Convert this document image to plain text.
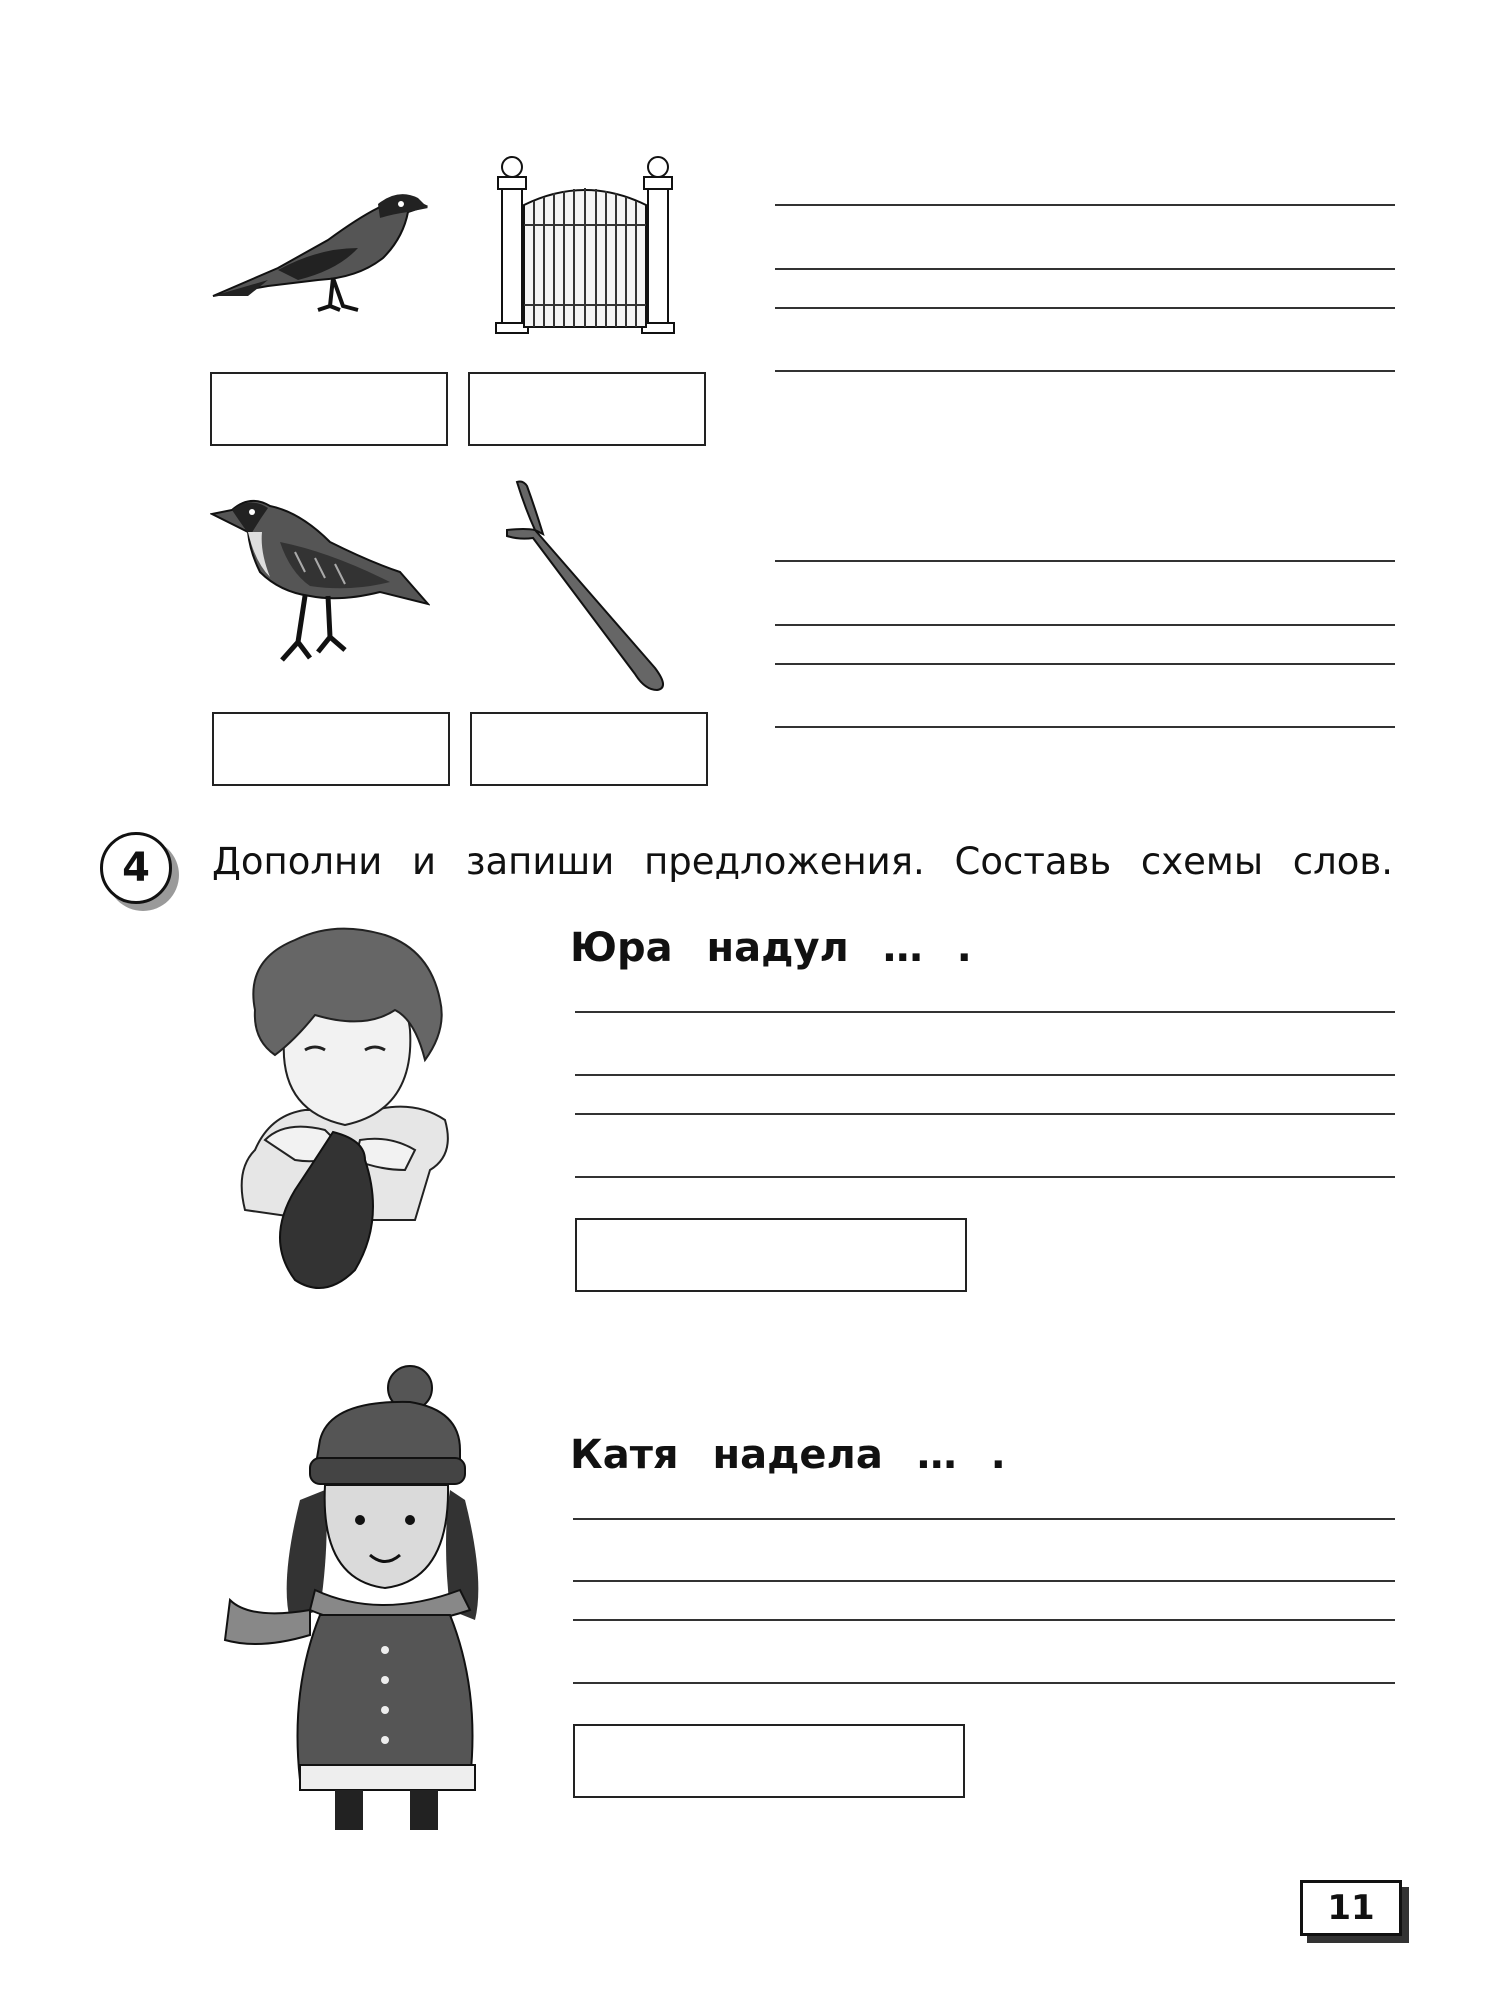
4	Дополни и запиши предложения. Составь схемы слов.
Юра надул … .
Катя надела … .
11
